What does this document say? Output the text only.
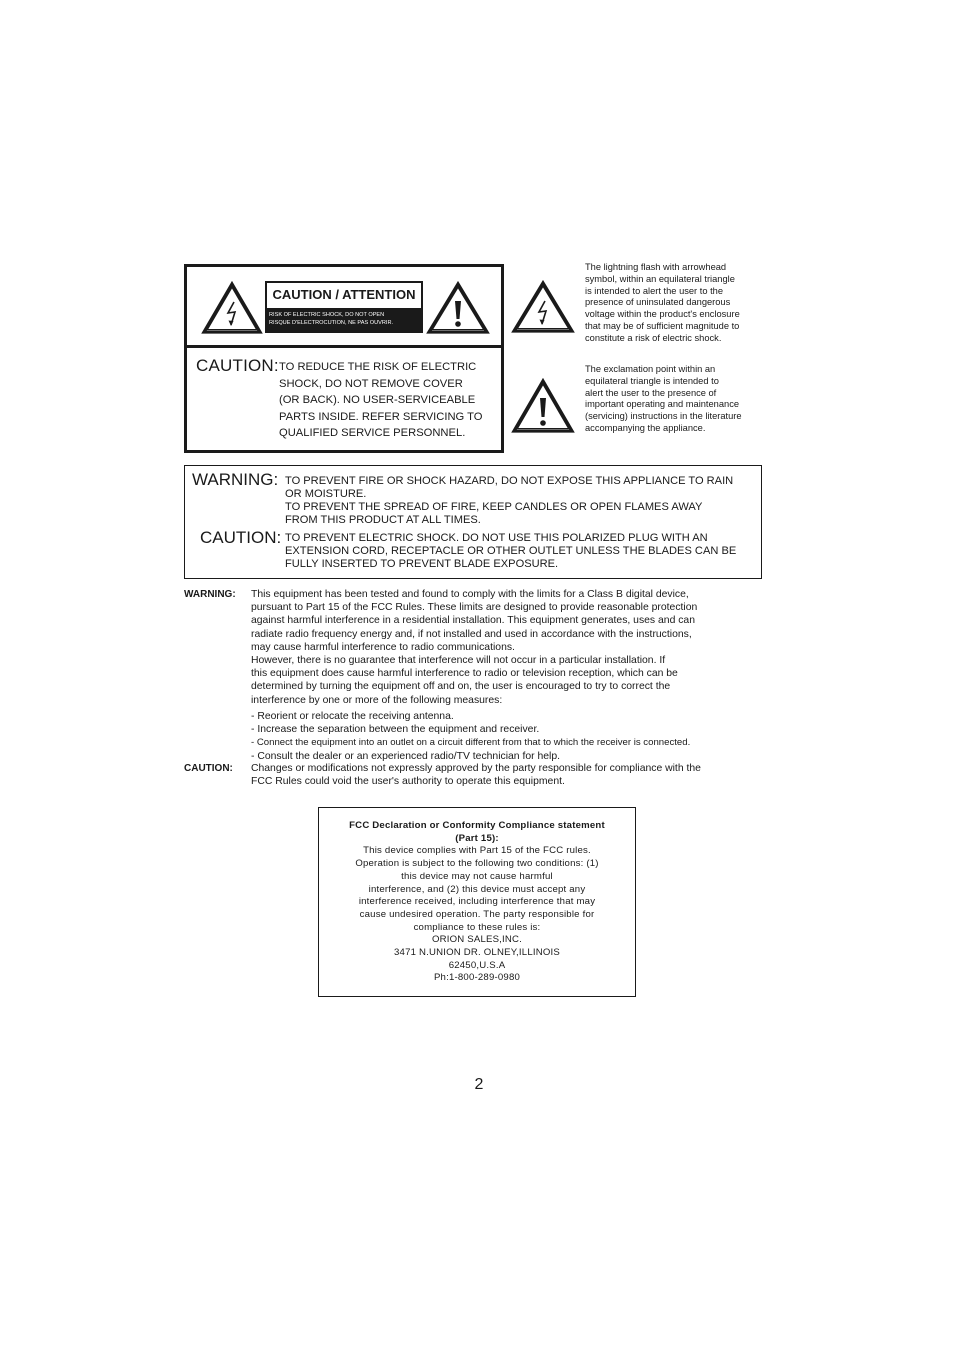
CAUTION / ATTENTION
RISK OF ELECTRIC SHOCK, DO NOT OPEN
RISQUE D'ELECTROCUTION, NE PAS OUVRIR.
CAUTION: TO REDUCE THE RISK OF ELECTRIC
SHOCK, DO NOT REMOVE COVER
(OR BACK). NO USER-SERVICEABLE
PARTS INSIDE. REFER SERVICING TO
QUALIFIED SERVICE PERSONNEL.
The lightning flash with arrowhead
symbol, within an equilateral triangle
is intended to alert the user to the
presence of uninsulated dangerous
voltage within the product's enclosure
that may be of sufficient magnitude to
constitute a risk of electric shock.
The exclamation point within an
equilateral triangle is intended to
alert the user to the presence of
important operating and maintenance
(servicing) instructions in the literature
accompanying the appliance.
WARNING: TO PREVENT FIRE OR SHOCK HAZARD, DO NOT EXPOSE THIS APPLIANCE TO RAIN
OR MOISTURE.
TO PREVENT THE SPREAD OF FIRE, KEEP CANDLES OR OPEN FLAMES AWAY
FROM THIS PRODUCT AT ALL TIMES.
CAUTION: TO PREVENT ELECTRIC SHOCK. DO NOT USE THIS POLARIZED PLUG WITH AN
EXTENSION CORD, RECEPTACLE OR OTHER OUTLET UNLESS THE BLADES CAN BE
FULLY INSERTED TO PREVENT BLADE EXPOSURE.
WARNING: This equipment has been tested and found to comply with the limits for a Class B digital device,
pursuant to Part 15 of the FCC Rules. These limits are designed to provide reasonable protection
against harmful interference in a residential installation. This equipment generates, uses and can
radiate radio frequency energy and, if not installed and used in accordance with the instructions,
may cause harmful interference to radio communications.
However, there is no guarantee that interference will not occur in a particular installation. If
this equipment does cause harmful interference to radio or television reception, which can be
determined by turning the equipment off and on, the user is encouraged to try to correct the
interference by one or more of the following measures:
- Reorient or relocate the receiving antenna.
- Increase the separation between the equipment and receiver.
- Connect the equipment into an outlet on a circuit different from that to which the receiver is connected.
- Consult the dealer or an experienced radio/TV technician for help.
CAUTION: Changes or modifications not expressly approved by the party responsible for compliance with the
FCC Rules could void the user's authority to operate this equipment.
FCC Declaration or Conformity Compliance statement
(Part 15):
This device complies with Part 15 of the FCC rules.
Operation is subject to the following two conditions: (1)
this device may not cause harmful
interference, and (2) this device must accept any
interference received, including interference that may
cause undesired operation. The party responsible for
compliance to these rules is:
ORION SALES,INC.
3471 N.UNION DR. OLNEY,ILLINOIS
62450,U.S.A
Ph:1-800-289-0980
2
